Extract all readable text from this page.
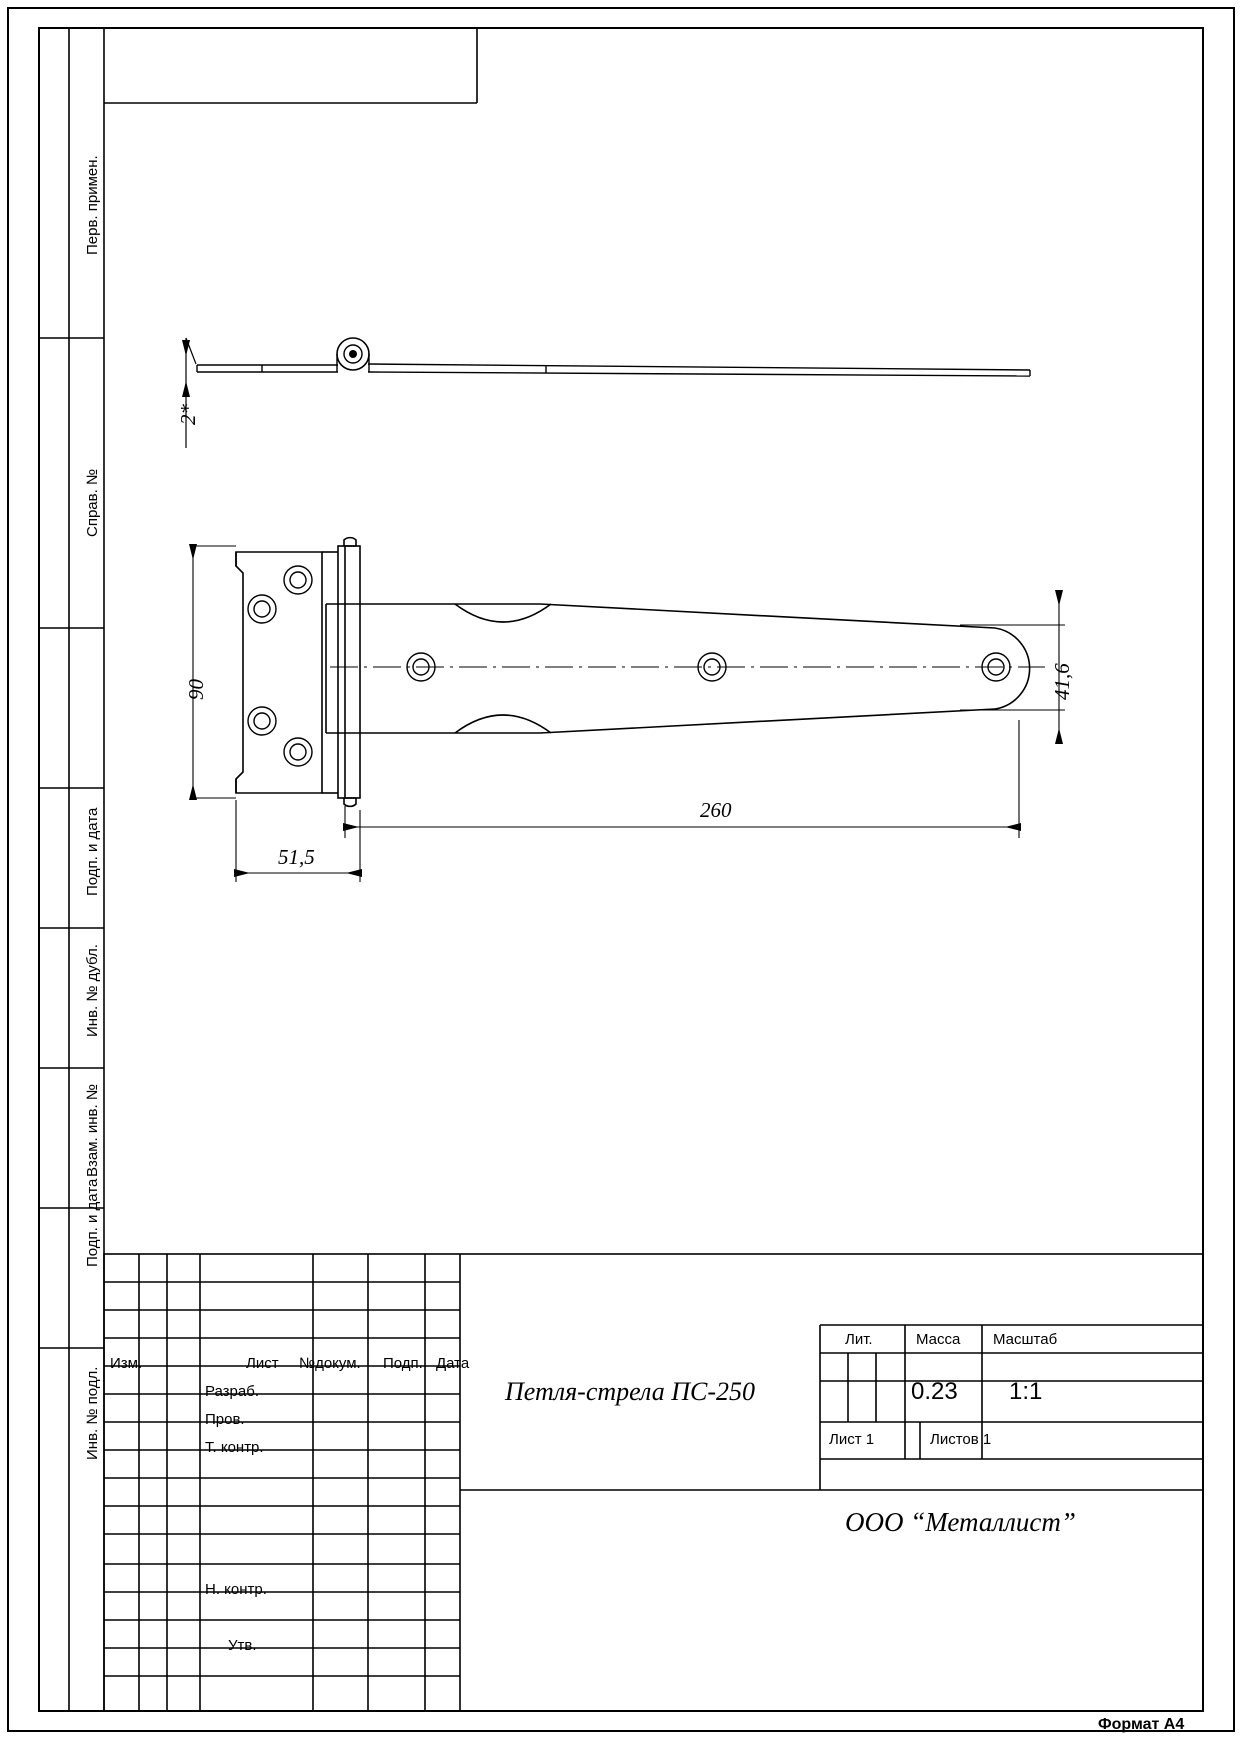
Перв. примен.
Справ. №
Подп. и дата
Инв. № дубл.
Взам. инв. №
Подп. и дата
Инв. № подл.
2*
90
51,5
41,6
260
Изм.	Лист №докум. Подп. Дата
Разраб.
Пров.
Т. контр.
Н. контр.
Утв.
Петля-стрела ПС-250
Лит.	Масса Масштаб
0.23 1:1
Лист 1	Листов 1
ООО “Металлист”
Формат А4
